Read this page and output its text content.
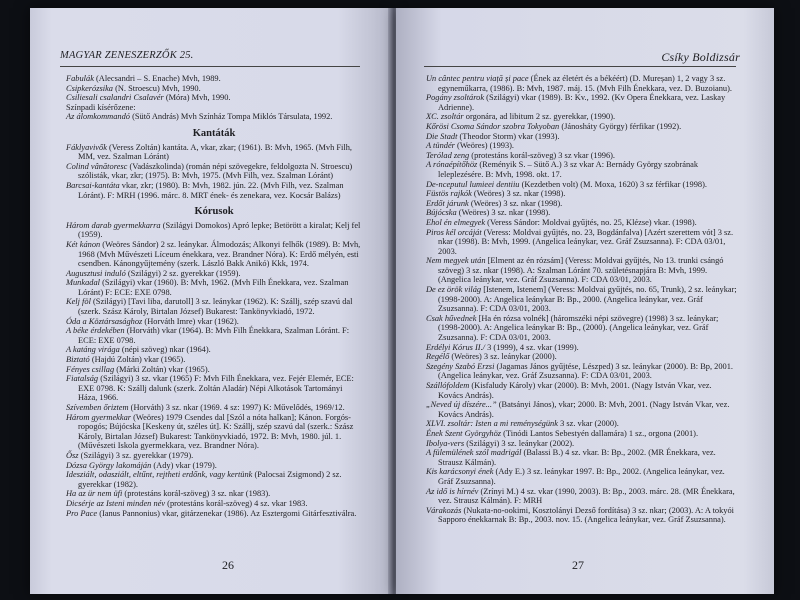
MAGYAR ZENESZERZŐK 25.
Fabulák (Alecsandri – S. Enache) Mvh, 1989.
Csipkerózsika (N. Stroescu) Mvh, 1990.
Csiliesali csalandri Csalavér (Móra) Mvh, 1990.
Színpadi kísérőzene:
Az álomkommandó (Sütő András) Mvh Színház Tompa Miklós Társulata, 1992.
Kantáták
Fáklyavivők (Veress Zoltán) kantáta. A, vkar, zkar; (1961). B: Mvh, 1965. (Mvh Filh, MM, vez. Szalman Lóránt)
Colind vânătoresc (Vadászkolinda) (román népi szövegekre, feldolgozta N. Stroescu) szólisták, vkar, zkr; (1975). B: Mvh, 1975. (Mvh Filh, vez. Szalman Lóránt)
Barcsai-kantáta vkar, zkr; (1980). B: Mvh, 1982. jún. 22. (Mvh Filh, vez. Szalman Lóránt). F: MRH (1996. márc. 8. MRT ének- és zenekara, vez. Kocsár Balázs)
Kórusok
Három darab gyermekkarra (Szilágyi Domokos) Apró lepke; Betörött a kiralat; Kelj fel (1959).
Két kánon (Weöres Sándor) 2 sz. leánykar. Álmodozás; Alkonyi felhők (1989). B: Mvh, 1968 (Mvh Művészeti Líceum énekkara, vez. Brandner Nóra). K: Erdő mélyén, esti csendben. Kánongyűjtemény (szerk. László Bakk Anikó) Kkk, 1974.
Augusztusi induló (Szilágyi) 2 sz. gyerekkar (1959).
Munkadal (Szilágyi) vkar (1960). B: Mvh, 1962. (Mvh Filh Énekkara, vez. Szalman Lóránt) F: ECE: EXE 0798.
Kelj föl (Szilágyi) [Tavi liba, darutoll] 3 sz. leánykar (1962). K: Szállj, szép szavú dal (szerk. Szász Károly, Birtalan József) Bukarest: Tankönyvkiadó, 1972.
Óda a Köztársasághoz (Horváth Imre) vkar (1962).
A béke érdekében (Horváth) vkar (1964). B: Mvh Filh Énekkara, Szalman Lóránt. F: ECE: EXE 0798.
A katáng virága (népi szöveg) nkar (1964).
Biztató (Hajdú Zoltán) vkar (1965).
Fényes csillag (Márki Zoltán) vkar (1965).
Fiatalság (Szilágyi) 3 sz. vkar (1965) F: Mvh Filh Énekkara, vez. Fejér Elemér, ECE: EXE 0798. K: Szállj dalunk (szerk. Zoltán Aladár) Népi Alkotások Tartományi Háza, 1966.
Szívemben őriztem (Horváth) 3 sz. nkar (1969. 4 sz: 1997) K: Művelődés, 1969/12.
Három gyermekkar (Weöres) 1979 Csendes dal [Szól a nóta halkan]; Kánon. Forgós-ropogós; Bújócska [Keskeny út, széles út]. K: Szállj, szép szavú dal (szerk.: Szász Károly, Birtalan József) Bukarest: Tankönyvkiadó, 1972. B: Mvh, 1980. júl. 1. (Művészeti Iskola gyermekkara, vez. Brandner Nóra).
Ősz (Szilágyi) 3 sz. gyerekkar (1979).
Dózsa György lakomáján (Ady) vkar (1979).
Idesziált, odasziált, eltűnt, rejtheti erdőnk, vagy kertünk (Palocsai Zsigmond) 2 sz. gyerekkar (1982).
Ha az ür nem üfi (protestáns korál-szöveg) 3 sz. nkar (1983).
Dicsérje az Isteni minden név (protestáns korál-szöveg) 4 sz. vkar 1983.
Pro Pace (Ianus Pannonius) vkar, gitárzenekar (1986). Az Esztergomi Gitárfesztiválra.
26
Csíky Boldizsár
Un cântec pentru viață și pace (Ének az életért és a békéért) (D. Mureșan) 1, 2 vagy 3 sz. egyneműkarra, (1986). B: Mvh, 1987. máj. 15. (Mvh Filh Énekkara, vez. D. Buzoianu).
Pogány zsoltárok (Szilágyi) vkar (1989). B: Kv., 1992. (Kv Opera Énekkara, vez. Laskay Adrienne).
XC. zsoltár orgonára, ad libitum 2 sz. gyerekkar, (1990).
Kőrösi Csoma Sándor szobra Tokyoban (Jánosháty György) férfikar (1992).
Die Stadt (Theodor Storm) vkar (1993).
A tündér (Weöres) (1993).
Terólad zeng (protestáns korál-szöveg) 3 sz vkar (1996).
A rónaépítőhöz (Reményik S. – Sütő A.) 3 sz vkar A: Bernády György szobrának leleplezésére. B: Mvh, 1998. okt. 17.
De-nceputul lumieei dentiiu (Kezdetben volt) (M. Moxa, 1620) 3 sz férfikar (1998).
Füstös rajkók (Weöres) 3 sz. nkar (1998).
Erdőt járunk (Weöres) 3 sz. nkar (1998).
Bújócska (Weöres) 3 sz. nkar (1998).
Ehol én elmegyek (Veress Sándor: Moldvai gyűjtés, no. 25, Klézse) vkar. (1998).
Piros kél orcáját (Veress: Moldvai gyűjtés, no. 23, Bogdánfalva) [Azért szerettem vót] 3 sz. nkar (1998). B: Mvh, 1999. (Angelica leánykar, vez. Gráf Zsuzsanna). F: CDA 03/01, 2003.
Nem megyek után [Elment az én rózsám] (Veress: Moldvai gyűjtés, No 13. trunki csángó szöveg) 3 sz. nkar (1998). A: Szalman Lóránt 70. születésnapjára B: Mvh, 1999. (Angelica leánykar, vez. Gráf Zsuzsanna). F: CDA 03/01, 2003.
De ez örök világ [Istenem, Istenem] (Veress: Moldvai gyűjtés, no. 65, Trunk), 2 sz. leánykar; (1998-2000). A: Angelica leánykar B: Bp., 2000. (Angelica leánykar, vez. Gráf Zsuzsanna). F: CDA 03/01, 2003.
Csak hűvednek [Ha én rózsa volnék] (háromszéki népi szövegre) (1998) 3 sz. leánykar; (1998-2000). A: Angelica leánykar B: Bp., (2000). (Angelica leánykar, vez. Gráf Zsuzsanna). F: CDA 03/01, 2003.
Erdélyi Kórus II./ 3 (1999), 4 sz. vkar (1999).
Regélő (Weöres) 3 sz. leánykar (2000).
Szegény Szabó Erzsi (Jagamas János gyűjtése, Lészped) 3 sz. leánykar (2000). B: Bp, 2001. (Angelica leánykar, vez. Gráf Zsuzsanna). F: CDA 03/01, 2003.
Szállófoldem (Kisfaludy Károly) vkar (2000). B: Mvh, 2001. (Nagy István Vkar, vez. Kovács András).
„Neved új díszére...” (Batsányi János), vkar; 2000. B: Mvh, 2001. (Nagy István Vkar, vez. Kovács András).
XLVI. zsoltár: Isten a mi reménységünk 3 sz. vkar (2000).
Ének Szent Györgyhöz (Tinódi Lantos Sebestyén dallamára) 1 sz., orgona (2001).
Ibolya-vers (Szilágyi) 3 sz. leánykar (2002).
A fülemülének szól madrigál (Balassi B.) 4 sz. vkar. B: Bp., 2002. (MR Énekkara, vez. Strausz Kálmán).
Kis karácsonyi ének (Ady E.) 3 sz. leánykar 1997. B: Bp., 2002. (Angelica leánykar, vez. Gráf Zsuzsanna).
Az idő is hírnév (Zrínyi M.) 4 sz. vkar (1990, 2003). B: Bp., 2003. márc. 28. (MR Énekkara, vez. Strausz Kálmán). F: MRH
Várakozás (Nukata-no-ookimi, Kosztolányi Dezső fordítása) 3 sz. nkar; (2003). A: A tokyói Sapporo énekkarnak B: Bp., 2003. nov. 15. (Angelica leánykar, vez. Gráf Zsuzsanna).
27
